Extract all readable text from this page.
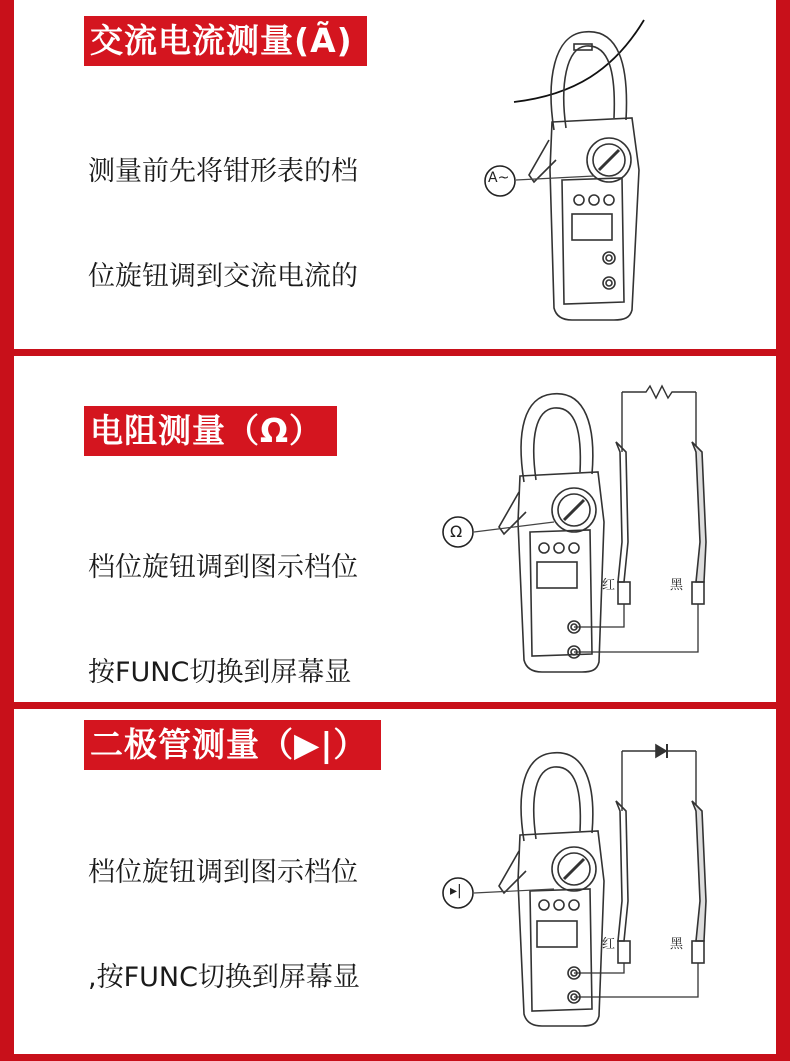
交流电流测量(Ã)

测量前先将钳形表的档

位旋钮调到交流电流的

A~
电阻测量（Ω）

档位旋钮调到图示档位

按FUNC切换到屏幕显

Ω
红	黑
二极管测量（▶|）

档位旋钮调到图示档位

,按FUNC切换到屏幕显

▸|
红	黑
